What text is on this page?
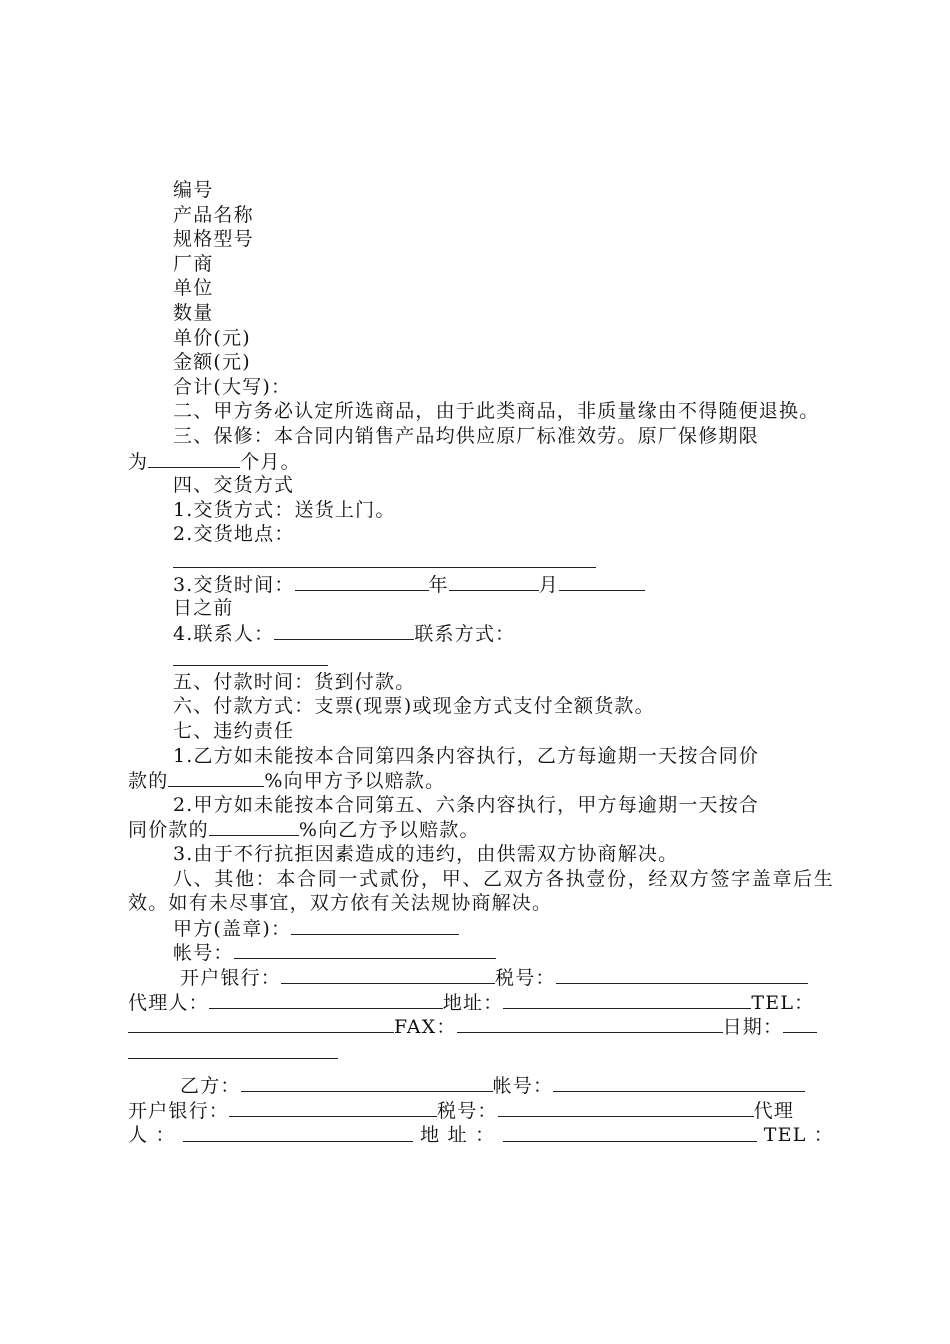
编号
产品名称
规格型号
厂商
单位
数量
单价(元)
金额(元)
合计(大写)：
二、甲方务必认定所选商品，由于此类商品，非质量缘由不得随便退换。
三、保修：本合同内销售产品均供应原厂标准效劳。原厂保修期限
为	个月。
四、交货方式
1.交货方式：送货上门。
2.交货地点：
3.交货时间：	年	月
日之前
4.联系人：	联系方式：
五、付款时间：货到付款。
六、付款方式：支票(现票)或现金方式支付全额货款。
七、违约责任
1.乙方如未能按本合同第四条内容执行，乙方每逾期一天按合同价
款的	%向甲方予以赔款。
2.甲方如未能按本合同第五、六条内容执行，甲方每逾期一天按合
同价款的	%向乙方予以赔款。
3.由于不行抗拒因素造成的违约，由供需双方协商解决。
八、其他：本合同一式贰份，甲、乙双方各执壹份，经双方签字盖章后生效。如有未尽事宜，双方依有关法规协商解决。
甲方(盖章)：
帐号：
开户银行：	税号：
代理人：	地址：	TEL：
FAX：	日期：
乙方：	帐号：
开户银行：	税号：	代理
人 ：	地 址 ：	TEL ：
